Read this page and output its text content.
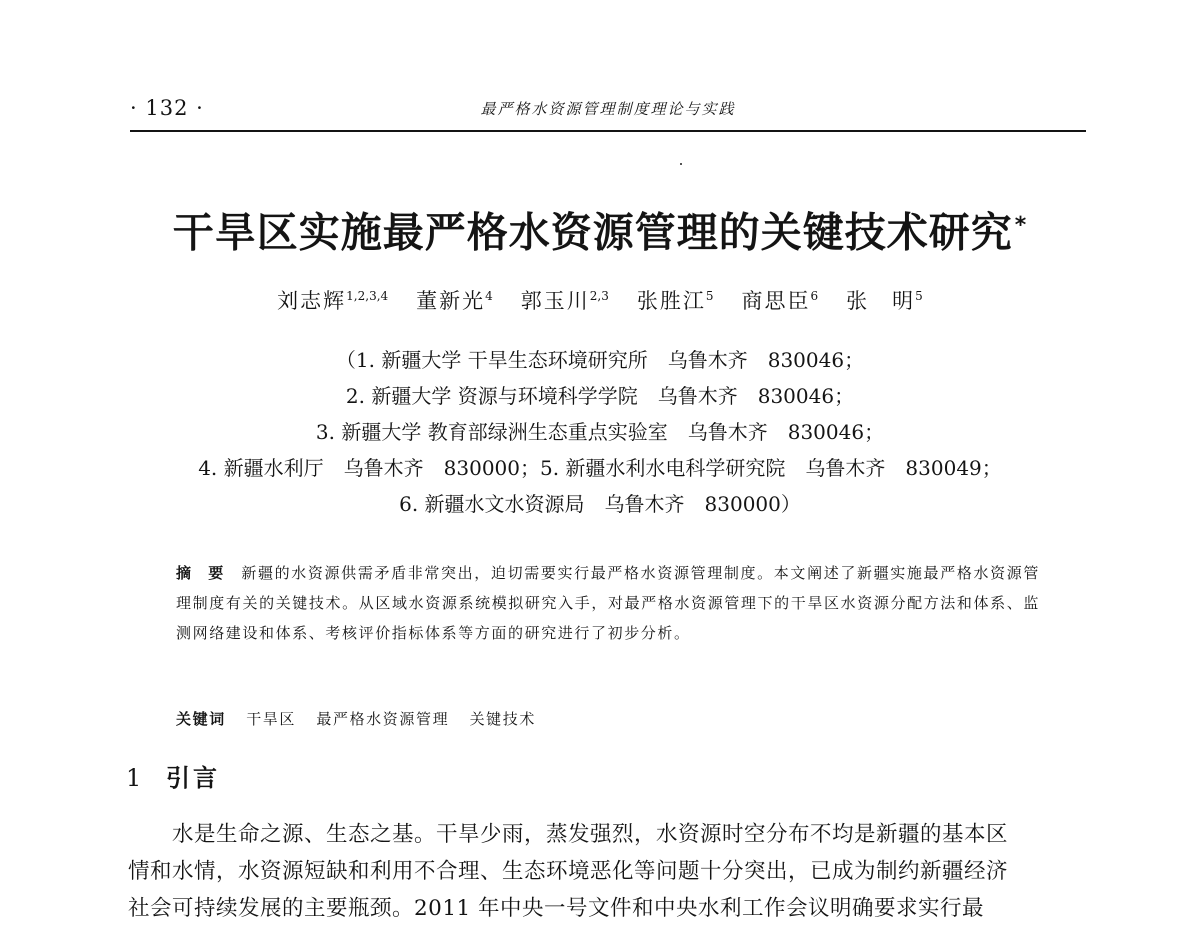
· 132 ·	最严格水资源管理制度理论与实践
干旱区实施最严格水资源管理的关键技术研究*
刘志辉$^{1,2,3,4}$ 董新光$^4$ 郭玉川$^{2,3}$ 张胜江$^5$ 商思臣$^6$ 张　明$^5$
（1. 新疆大学 干旱生态环境研究所　乌鲁木齐　830046；
2. 新疆大学 资源与环境科学学院　乌鲁木齐　830046；
3. 新疆大学 教育部绿洲生态重点实验室　乌鲁木齐　830046；
4. 新疆水利厅　乌鲁木齐　830000；5. 新疆水利水电科学研究院　乌鲁木齐　830049；
6. 新疆水文水资源局　乌鲁木齐　830000）
摘 要 新疆的水资源供需矛盾非常突出，迫切需要实行最严格水资源管理制度。本文阐述了新疆实施最严格水资源管理制度有关的关键技术。从区域水资源系统模拟研究入手，对最严格水资源管理下的干旱区水资源分配方法和体系、监测网络建设和体系、考核评价指标体系等方面的研究进行了初步分析。
关键词 干旱区 最严格水资源管理 关键技术
1 引言
水是生命之源、生态之基。干旱少雨，蒸发强烈，水资源时空分布不均是新疆的基本区
情和水情，水资源短缺和利用不合理、生态环境恶化等问题十分突出，已成为制约新疆经济
社会可持续发展的主要瓶颈。2011 年中央一号文件和中央水利工作会议明确要求实行最
